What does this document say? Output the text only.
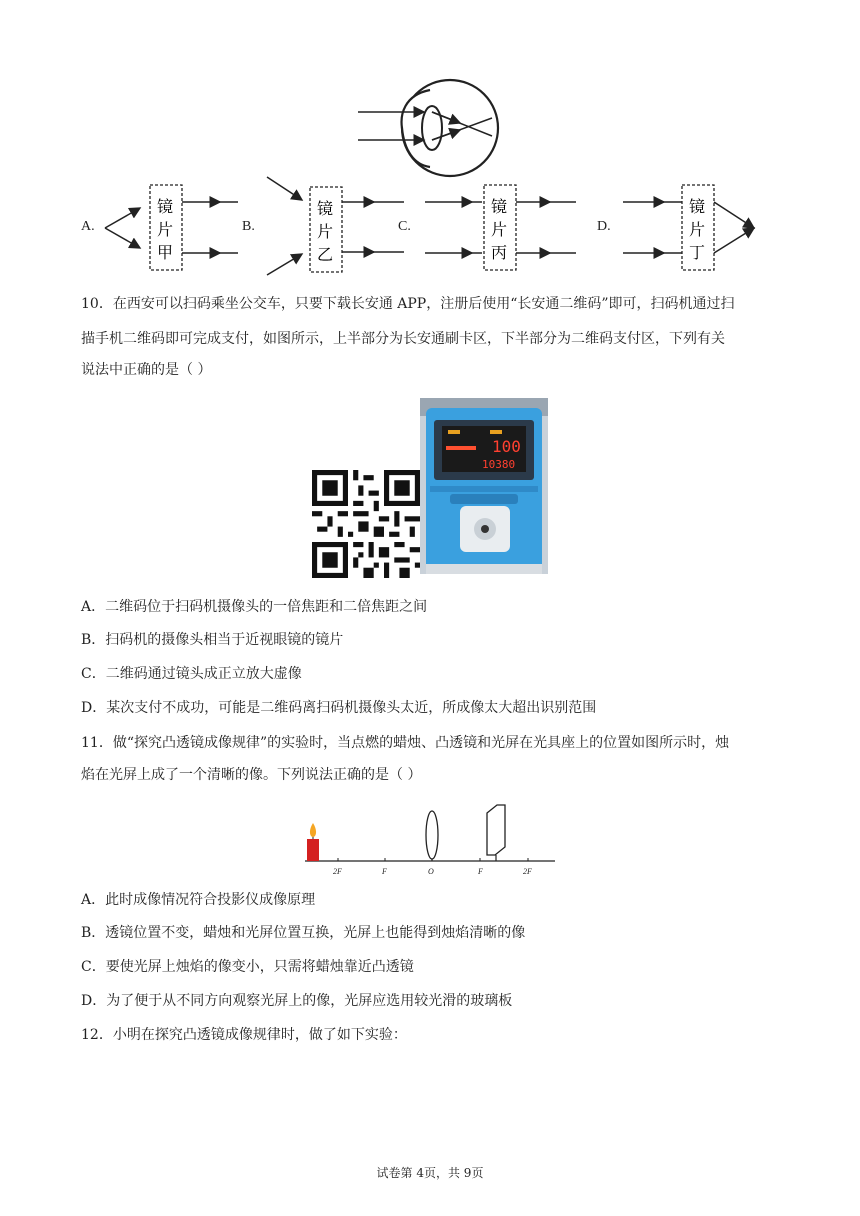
A.
镜
片
甲
B.
镜
片
乙
C.
镜
片
丙
D.
镜
片
丁
10．在西安可以扫码乘坐公交车，只要下载长安通 APP，注册后使用“长安通二维码”即可，扫码机通过扫
描手机二维码即可完成支付，如图所示，上半部分为长安通刷卡区，下半部分为二维码支付区，下列有关
说法中正确的是（ ）
100
10380
A．二维码位于扫码机摄像头的一倍焦距和二倍焦距之间
B．扫码机的摄像头相当于近视眼镜的镜片
C．二维码通过镜头成正立放大虚像
D．某次支付不成功，可能是二维码离扫码机摄像头太近，所成像太大超出识别范围
11．做“探究凸透镜成像规律”的实验时，当点燃的蜡烛、凸透镜和光屏在光具座上的位置如图所示时，烛
焰在光屏上成了一个清晰的像。下列说法正确的是（ ）
2F	F	O	F	2F
A．此时成像情况符合投影仪成像原理
B．透镜位置不变，蜡烛和光屏位置互换，光屏上也能得到烛焰清晰的像
C．要使光屏上烛焰的像变小，只需将蜡烛靠近凸透镜
D．为了便于从不同方向观察光屏上的像，光屏应选用较光滑的玻璃板
12．小明在探究凸透镜成像规律时，做了如下实验：
试卷第 4页，共 9页
